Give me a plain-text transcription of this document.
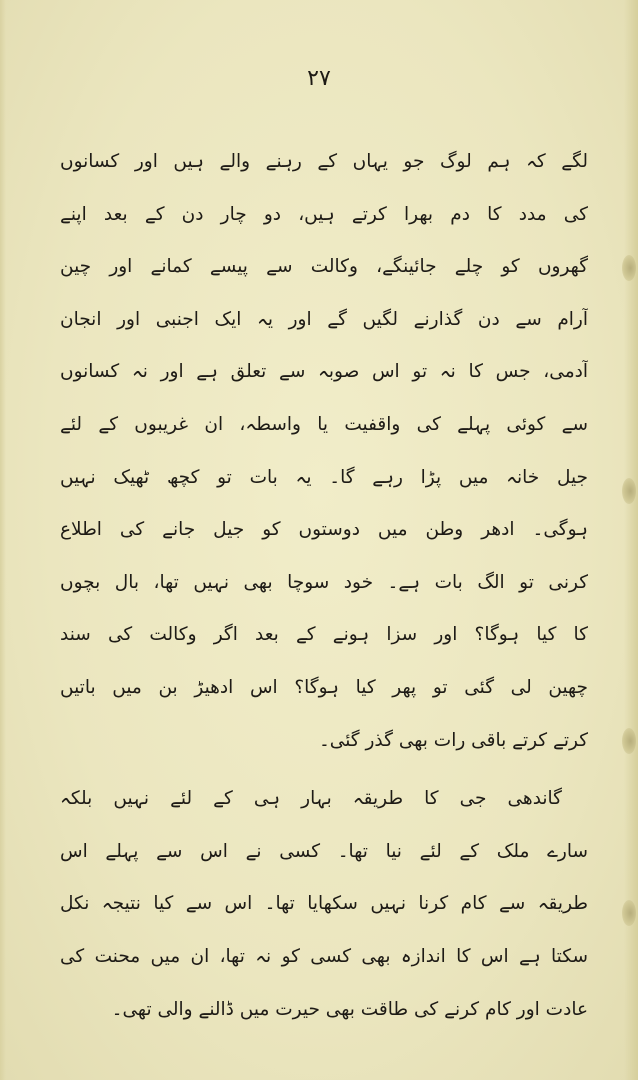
۲۷
لگے کہ ہم لوگ جو یہاں کے رہنے والے ہیں اور کسانوں
کی مدد کا دم بھرا کرتے ہیں، دو چار دن کے بعد اپنے
گھروں کو چلے جائینگے، وکالت سے پیسے کمانے اور چین
آرام سے دن گذارنے لگیں گے اور یہ ایک اجنبی اور انجان
آدمی، جس کا نہ تو اس صوبہ سے تعلق ہے اور نہ کسانوں
سے کوئی پہلے کی واقفیت یا واسطہ، ان غریبوں کے لئے
جیل خانہ میں پڑا رہے گا۔ یہ بات تو کچھ ٹھیک نہیں
ہوگی۔ ادھر وطن میں دوستوں کو جیل جانے کی اطلاع
کرنی تو الگ بات ہے۔ خود سوچا بھی نہیں تھا، بال بچوں
کا کیا ہوگا؟ اور سزا ہونے کے بعد اگر وکالت کی سند
چھین لی گئی تو پھر کیا ہوگا؟ اس ادھیڑ بن میں باتیں
کرتے کرتے باقی رات بھی گذر گئی۔
گاندھی جی کا طریقہ بہار ہی کے لئے نہیں بلکہ
سارے ملک کے لئے نیا تھا۔ کسی نے اس سے پہلے اس
طریقہ سے کام کرنا نہیں سکھایا تھا۔ اس سے کیا نتیجہ نکل
سکتا ہے اس کا اندازہ بھی کسی کو نہ تھا، ان میں محنت کی
عادت اور کام کرنے کی طاقت بھی حیرت میں ڈالنے والی تھی۔
